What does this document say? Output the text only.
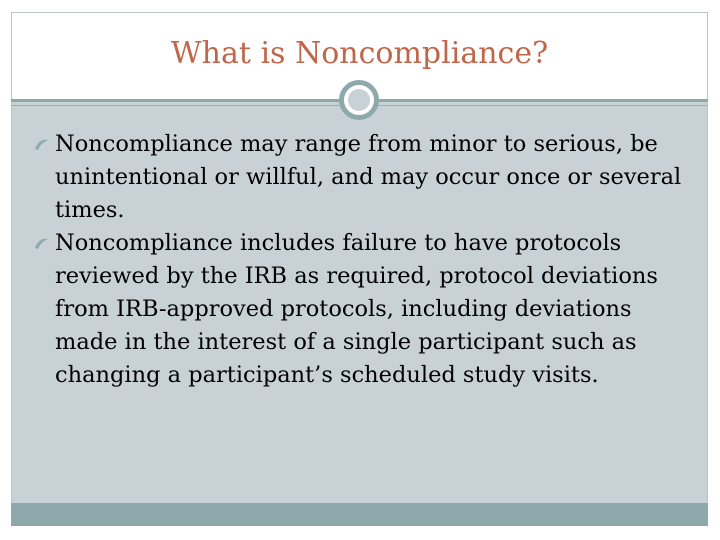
What is Noncompliance?

Noncompliance may range from minor to serious, be unintentional or willful, and may occur once or several times.

Noncompliance includes failure to have protocols reviewed by the IRB as required, protocol deviations from IRB-approved protocols, including deviations made in the interest of a single participant such as changing a participant’s scheduled study visits.
